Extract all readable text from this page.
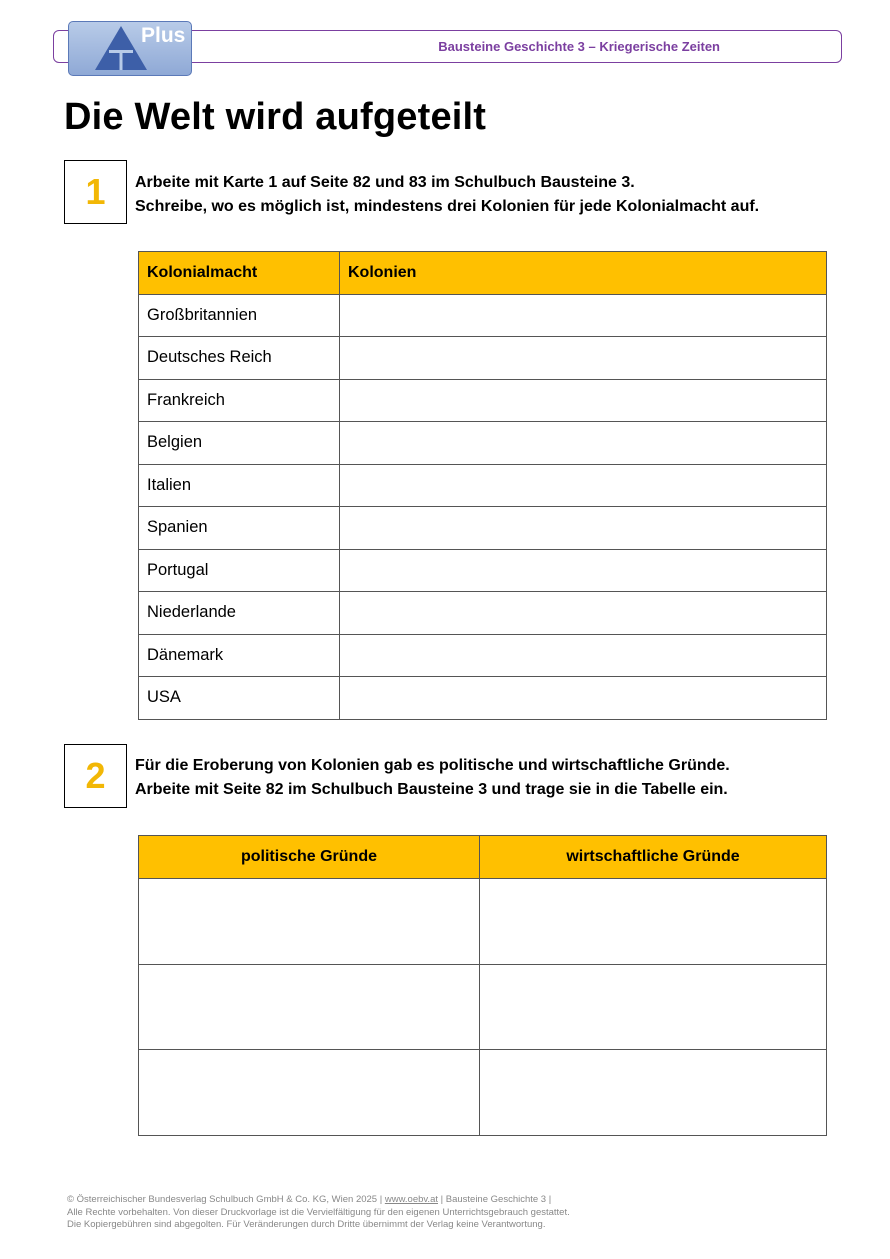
Plus	Bausteine Geschichte 3 – Kriegerische Zeiten
Die Welt wird aufgeteilt
1	Arbeite mit Karte 1 auf Seite 82 und 83 im Schulbuch Bausteine 3.
Schreibe, wo es möglich ist, mindestens drei Kolonien für jede Kolonialmacht auf.
Kolonialmacht	Kolonien
Großbritannien	
Deutsches Reich	
Frankreich	
Belgien	
Italien	
Spanien	
Portugal	
Niederlande	
Dänemark	
USA	
2	Für die Eroberung von Kolonien gab es politische und wirtschaftliche Gründe.
Arbeite mit Seite 82 im Schulbuch Bausteine 3 und trage sie in die Tabelle ein.
politische Gründe	wirtschaftliche Gründe

© Österreichischer Bundesverlag Schulbuch GmbH & Co. KG, Wien 2025 | www.oebv.at | Bausteine Geschichte 3 |
Alle Rechte vorbehalten. Von dieser Druckvorlage ist die Vervielfältigung für den eigenen Unterrichtsgebrauch gestattet.
Die Kopiergebühren sind abgegolten. Für Veränderungen durch Dritte übernimmt der Verlag keine Verantwortung.
